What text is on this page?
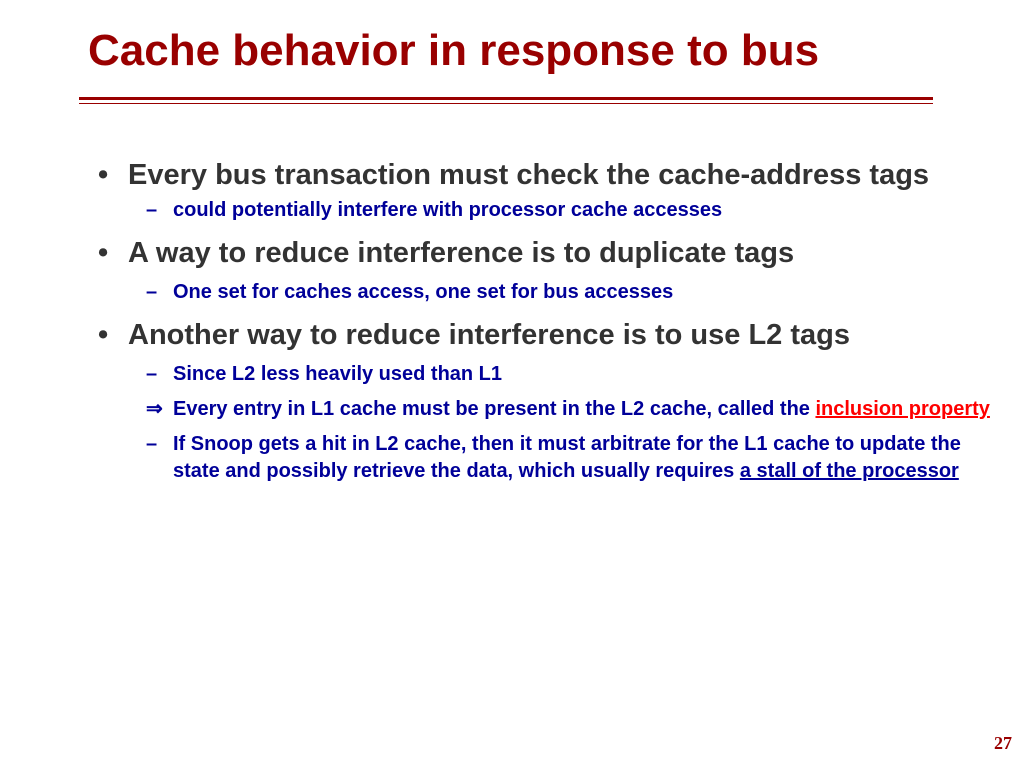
Cache behavior in response to bus
• Every bus transaction must check the cache-address tags
– could potentially interfere with processor cache accesses
• A way to reduce interference is to duplicate tags
– One set for caches access, one set for bus accesses
• Another way to reduce interference is to use L2 tags
– Since L2 less heavily used than L1
⇒ Every entry in L1 cache must be present in the L2 cache, called the inclusion property
– If Snoop gets a hit in L2 cache, then it must arbitrate for the L1 cache to update the state and possibly retrieve the data, which usually requires a stall of the processor
27
